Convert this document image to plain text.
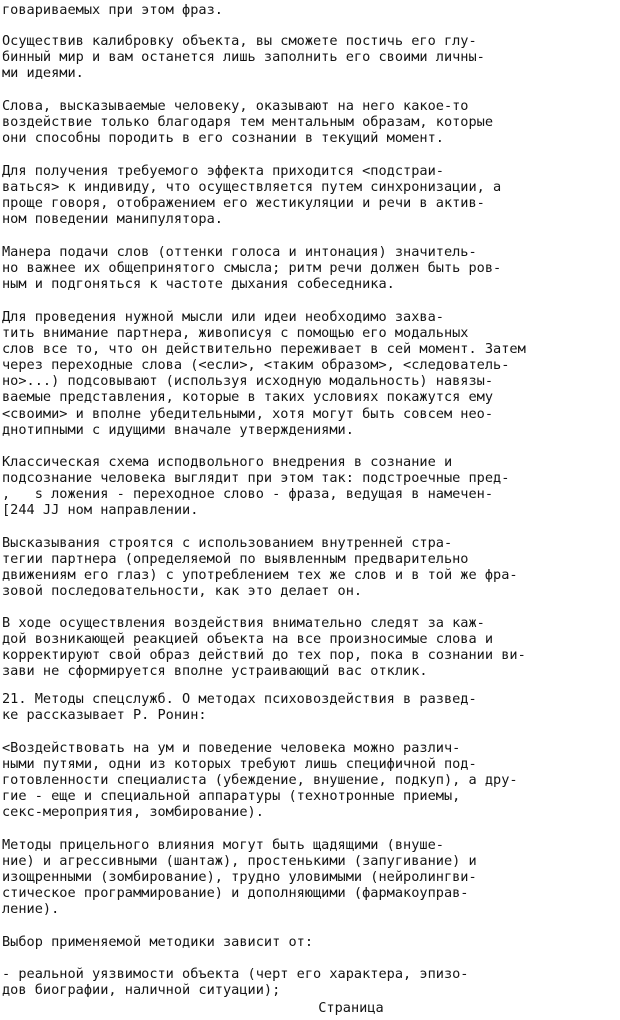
говариваемых при этом фраз.
Осуществив калибровку объекта, вы сможете постичь его глу-
бинный мир и вам останется лишь заполнить его своими личны-
ми идеями.
Слова, высказываемые человеку, оказывают на него какое-то
воздействие только благодаря тем ментальным образам, которые
они способны породить в его сознании в текущий момент.
Для получения требуемого эффекта приходится <подстраи-
ваться> к индивиду, что осуществляется путем синхронизации, а
проще говоря, отображением его жестикуляции и речи в актив-
ном поведении манипулятора.
Манера подачи слов (оттенки голоса и интонация) значитель-
но важнее их общепринятого смысла; ритм речи должен быть ров-
ным и подгоняться к частоте дыхания собеседника.
Для проведения нужной мысли или идеи необходимо захва-
тить внимание партнера, живописуя с помощью его модальных
слов все то, что он действительно переживает в сей момент. Затем
через переходные слова (<если>, <таким образом>, <следователь-
но>...) подсовывают (используя исходную модальность) навязы-
ваемые представления, которые в таких условиях покажутся ему
<своими> и вполне убедительными, хотя могут быть совсем нео-
днотипными с идущими вначале утверждениями.
Классическая схема исподвольного внедрения в сознание и
подсознание человека выглядит при этом так: подстроечные пред-
,   s ложения - переходное слово - фраза, ведущая в намечен-
[244 JJ ном направлении.
Высказывания строятся с использованием внутренней стра-
тегии партнера (определяемой по выявленным предварительно
движениям его глаз) с употреблением тех же слов и в той же фра-
зовой последовательности, как это делает он.
В ходе осуществления воздействия внимательно следят за каж-
дой возникающей реакцией объекта на все произносимые слова и
корректируют свой образ действий до тех пор, пока в сознании ви-
зави не сформируется вполне устраивающий вас отклик.
21. Методы спецслужб. О методах психовоздействия в развед-
ке рассказывает Р. Ронин:
<Воздействовать на ум и поведение человека можно различ-
ными путями, одни из которых требуют лишь специфичной под-
готовленности специалиста (убеждение, внушение, подкуп), а дру-
гие - еще и специальной аппаратуры (технотронные приемы,
секс-мероприятия, зомбирование).
Методы прицельного влияния могут быть щадящими (внуше-
ние) и агрессивными (шантаж), простенькими (запугивание) и
изощренными (зомбирование), трудно уловимыми (нейролингви-
стическое программирование) и дополняющими (фармакоуправ-
ление).
Выбор применяемой методики зависит от:
- реальной уязвимости объекта (черт его характера, эпизо-
дов биографии, наличной ситуации);
Страница
